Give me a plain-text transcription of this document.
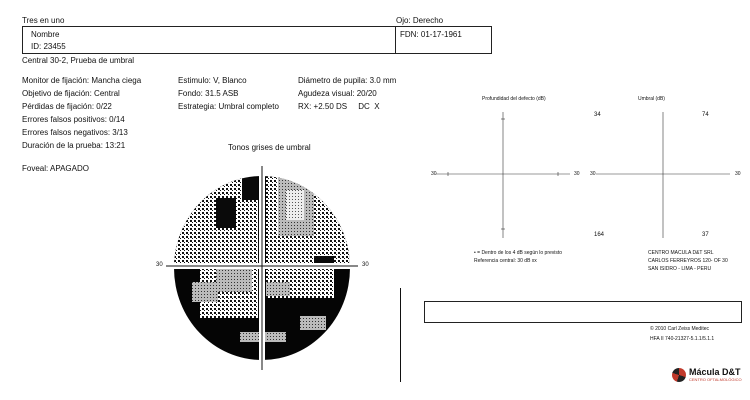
Tres en uno	Ojo: Derecho
Nombre
ID: 23455
FDN: 01-17-1961
Central 30-2, Prueba de umbral
Monitor de fijación: Mancha ciega
Objetivo de fijación: Central
Pérdidas de fijación: 0/22
Errores falsos positivos: 0/14
Errores falsos negativos: 3/13
Duración de la prueba: 13:21
Foveal: APAGADO
Estimulo: V, Blanco
Fondo: 31.5 ASB
Estrategia: Umbral completo
Diámetro de pupila: 3.0 mm
Agudeza visual: 20/20
RX: +2.50 DS     DC  X
Tonos grises de umbral
30	30
Profundidad del defecto (dB)
30	30
Umbral (dB)
34	74
164	37
30	30
• = Dentro de los 4 dB según lo previsto
Referencia central: 30 dB xx
CENTRO MACULA D&T SRL
CARLOS FERREYROS 120- OF 30
SAN ISIDRO - LIMA - PERU
© 2010 Carl Zeiss Meditec
HFA II 740-21327-5.1.1/5.1.1
Mácula D&T
CENTRO OFTALMOLÓGICO
